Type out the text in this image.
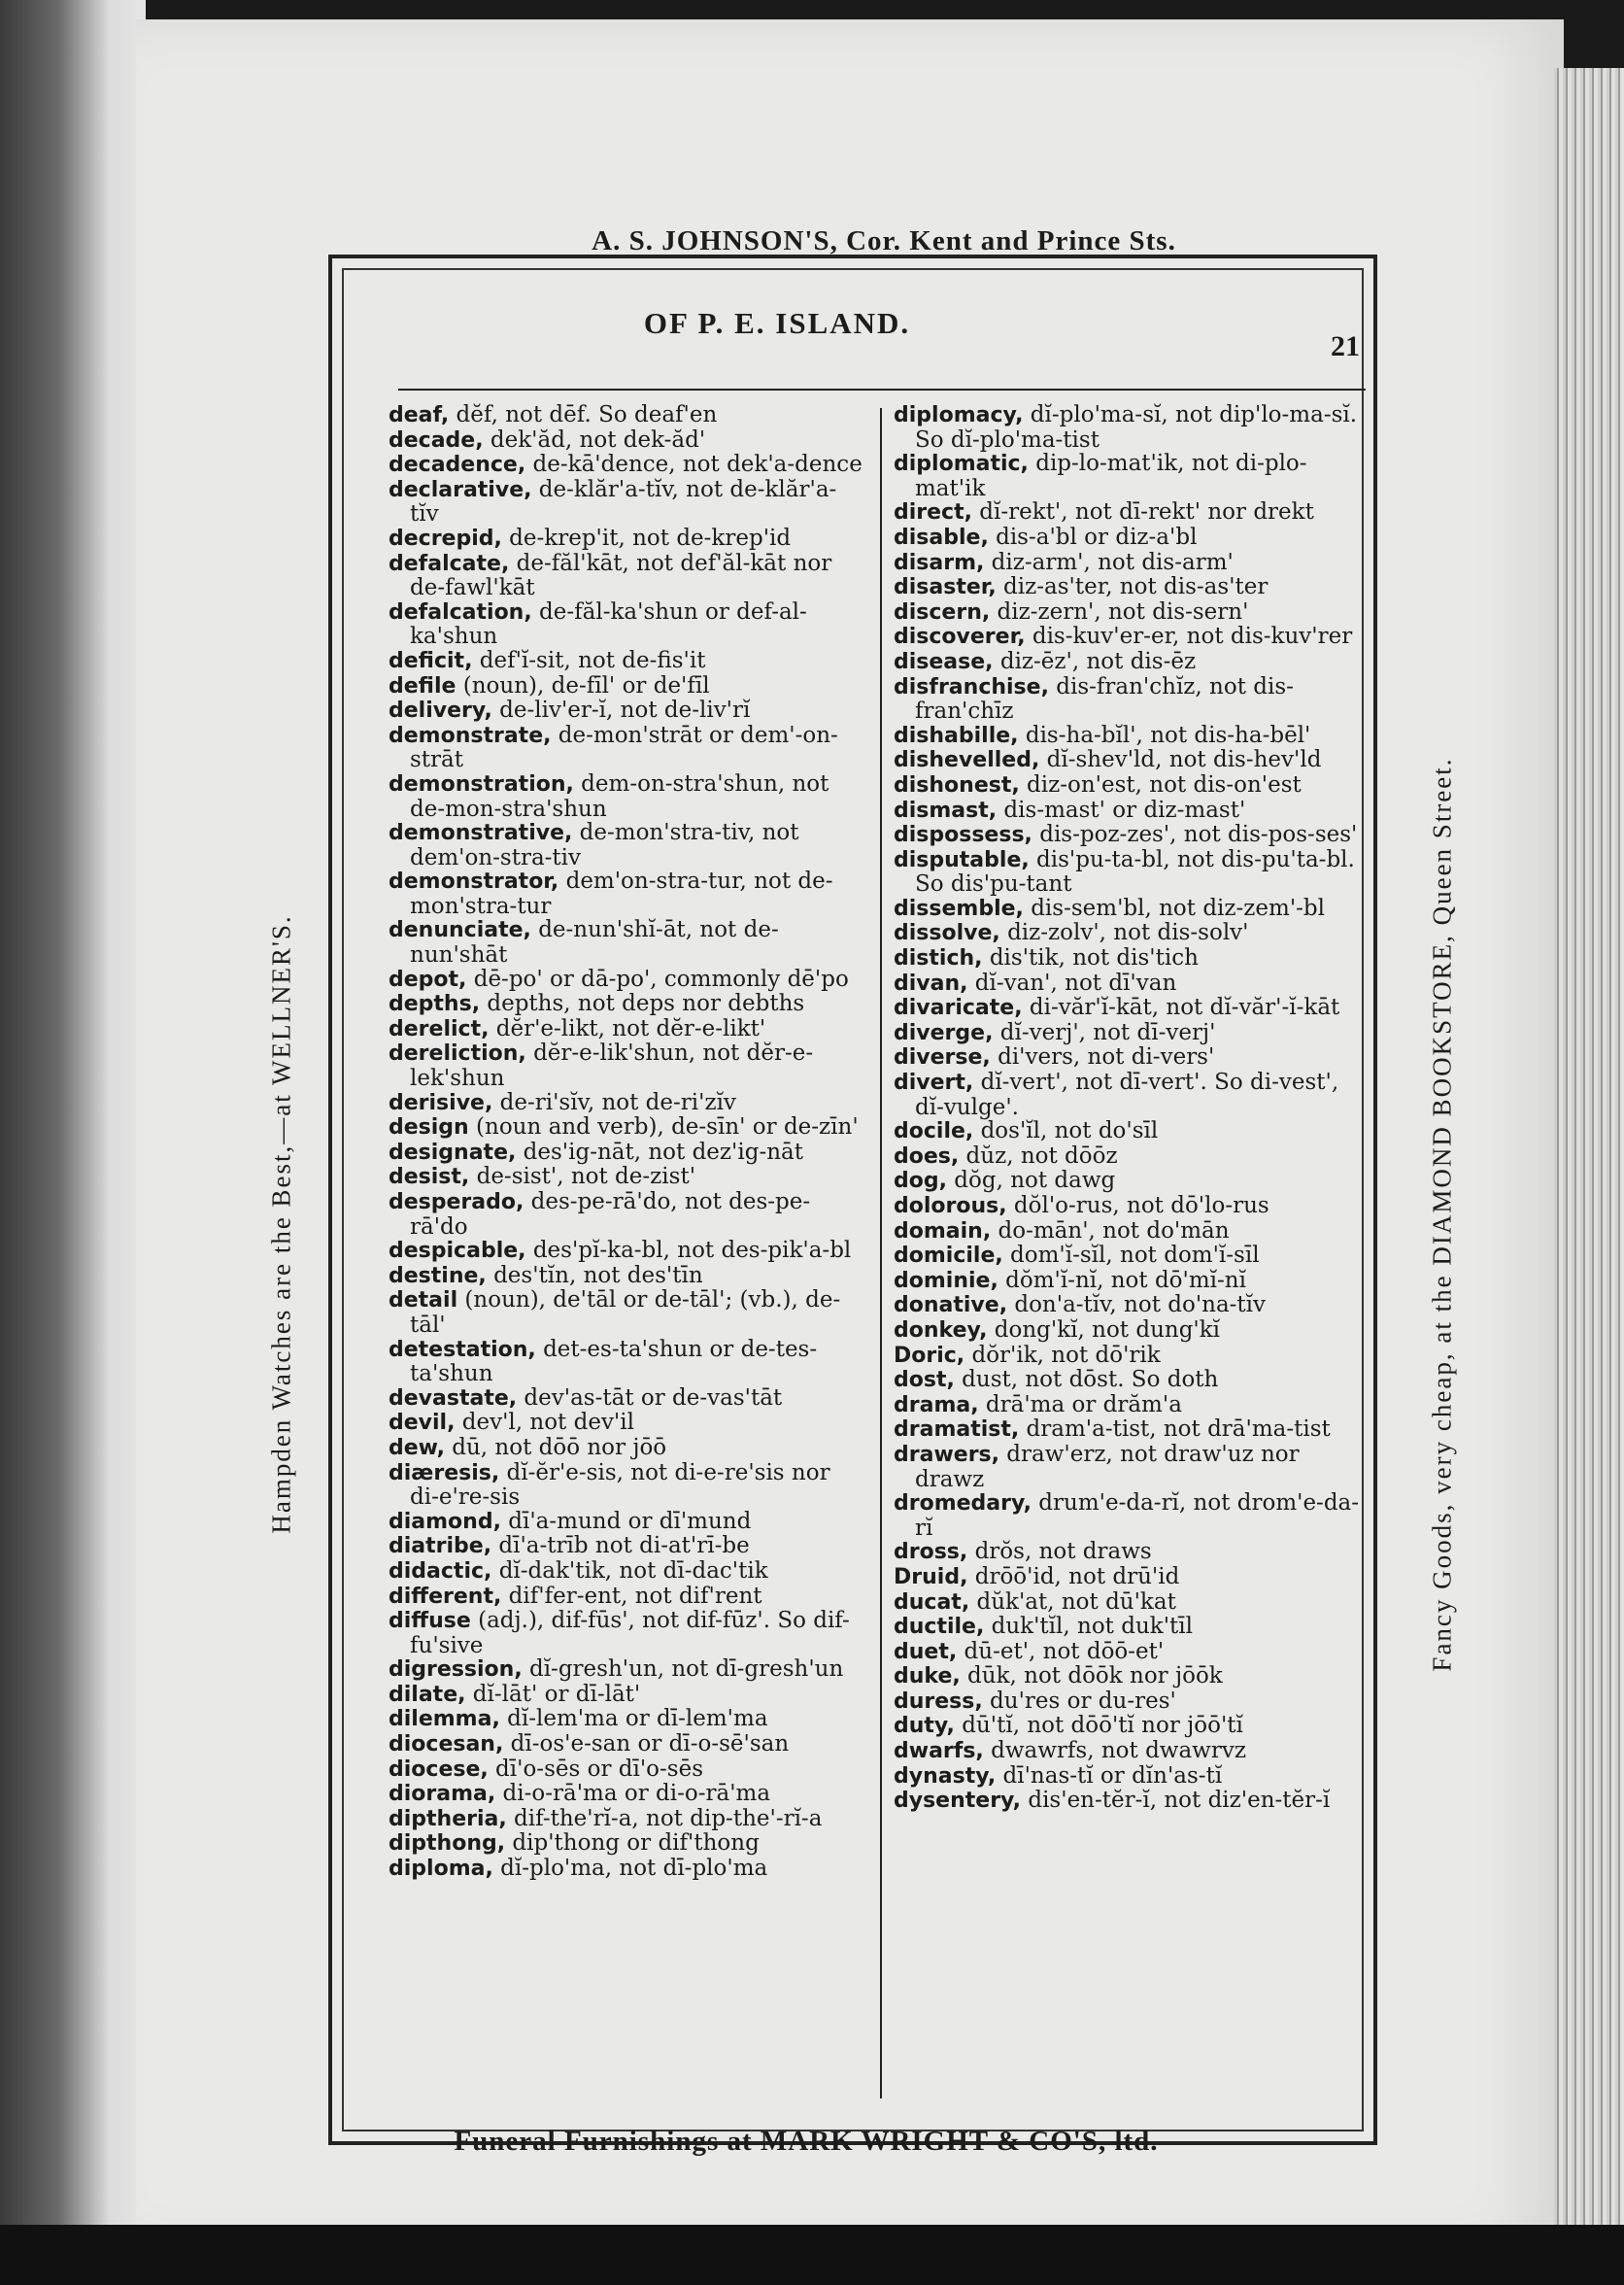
A. S. JOHNSON'S, Cor. Kent and Prince Sts.
Hampden Watches are the Best,—at WELLNER'S.	Fancy Goods, very cheap, at the DIAMOND BOOKSTORE, Queen Street.
OF P. E. ISLAND.
21

deaf, dĕf, not dēf. So deaf'en

decade, dek'ăd, not dek-ăd'

decadence, de-kā'dence, not dek'a-dence

declarative, de-klăr'a-tĭv, not de-klăr'a-tĭv

decrepid, de-krep'it, not de-krep'id

defalcate, de-făl'kāt, not def'ăl-kāt nor de-fawl'kāt

defalcation, de-făl-ka'shun or def-al-ka'shun

deficit, def'ĭ-sit, not de-fis'it

defile (noun), de-fīl' or de'fīl

delivery, de-liv'er-ĭ, not de-liv'rĭ

demonstrate, de-mon'strāt or dem'-on-strāt

demonstration, dem-on-stra'shun, not de-mon-stra'shun

demonstrative, de-mon'stra-tiv, not dem'on-stra-tiv

demonstrator, dem'on-stra-tur, not de-mon'stra-tur

denunciate, de-nun'shĭ-āt, not de-nun'shāt

depot, dē-po' or dā-po', commonly dē'po

depths, depths, not deps nor debths

derelict, dĕr'e-likt, not dĕr-e-likt'

dereliction, dĕr-e-lik'shun, not dĕr-e-lek'shun

derisive, de-ri'sĭv, not de-ri'zĭv

design (noun and verb), de-sīn' or de-zīn'

designate, des'ig-nāt, not dez'ig-nāt

desist, de-sist', not de-zist'

desperado, des-pe-rā'do, not des-pe-rā'do

despicable, des'pĭ-ka-bl, not des-pik'a-bl

destine, des'tĭn, not des'tīn

detail (noun), de'tāl or de-tāl'; (vb.), de-tāl'

detestation, det-es-ta'shun or de-tes-ta'shun

devastate, dev'as-tāt or de-vas'tāt

devil, dev'l, not dev'il

dew, dū, not dōō nor jōō

diæresis, dĭ-ĕr'e-sis, not di-e-re'sis nor di-e're-sis

diamond, dī'a-mund or dī'mund

diatribe, dī'a-trīb not di-at'rī-be

didactic, dĭ-dak'tik, not dī-dac'tik

different, dif'fer-ent, not dif'rent

diffuse (adj.), dif-fūs', not dif-fūz'. So dif-fu'sive

digression, dĭ-gresh'un, not dī-gresh'un

dilate, dĭ-lāt' or dī-lāt'

dilemma, dĭ-lem'ma or dī-lem'ma

diocesan, dī-os'e-san or dī-o-sē'san

diocese, dī'o-sēs or dī'o-sēs

diorama, di-o-rā'ma or di-o-rā'ma

diptheria, dif-the'rĭ-a, not dip-the'-rĭ-a

dipthong, dip'thong or dif'thong

diploma, dĭ-plo'ma, not dī-plo'ma

diplomacy, dĭ-plo'ma-sĭ, not dip'lo-ma-sĭ. So dĭ-plo'ma-tist

diplomatic, dip-lo-mat'ik, not di-plo-mat'ik

direct, dĭ-rekt', not dī-rekt' nor drekt

disable, dis-a'bl or diz-a'bl

disarm, diz-arm', not dis-arm'

disaster, diz-as'ter, not dis-as'ter

discern, diz-zern', not dis-sern'

discoverer, dis-kuv'er-er, not dis-kuv'rer

disease, diz-ēz', not dis-ēz

disfranchise, dis-fran'chĭz, not dis-fran'chīz

dishabille, dis-ha-bĭl', not dis-ha-bēl'

dishevelled, dĭ-shev'ld, not dis-hev'ld

dishonest, diz-on'est, not dis-on'est

dismast, dis-mast' or diz-mast'

dispossess, dis-poz-zes', not dis-pos-ses'

disputable, dis'pu-ta-bl, not dis-pu'ta-bl. So dis'pu-tant

dissemble, dis-sem'bl, not diz-zem'-bl

dissolve, diz-zolv', not dis-solv'

distich, dis'tik, not dis'tich

divan, dĭ-van', not dī'van

divaricate, di-văr'ĭ-kāt, not dĭ-văr'-ĭ-kāt

diverge, dĭ-verj', not dī-verj'

diverse, di'vers, not di-vers'

divert, dĭ-vert', not dī-vert'. So di-vest', dĭ-vulge'.

docile, dos'ĭl, not do'sīl

does, dŭz, not dōōz

dog, dŏg, not dawg

dolorous, dŏl'o-rus, not dō'lo-rus

domain, do-mān', not do'mān

domicile, dom'ĭ-sĭl, not dom'ĭ-sīl

dominie, dŏm'ĭ-nĭ, not dō'mĭ-nĭ

donative, don'a-tĭv, not do'na-tĭv

donkey, dong'kĭ, not dung'kĭ

Doric, dŏr'ik, not dō'rik

dost, dust, not dōst. So doth

drama, drā'ma or drăm'a

dramatist, dram'a-tist, not drā'ma-tist

drawers, draw'erz, not draw'uz nor drawz

dromedary, drum'e-da-rĭ, not drom'e-da-rĭ

dross, drŏs, not draws

Druid, drōō'id, not drū'id

ducat, dŭk'at, not dū'kat

ductile, duk'tĭl, not duk'tīl

duet, dū-et', not dōō-et'

duke, dūk, not dōōk nor jōōk

duress, du'res or du-res'

duty, dū'tĭ, not dōō'tĭ nor jōō'tĭ

dwarfs, dwawrfs, not dwawrvz

dynasty, dī'nas-tĭ or dĭn'as-tĭ

dysentery, dis'en-tĕr-ĭ, not diz'en-tĕr-ĭ

Funeral Furnishings at MARK WRIGHT & CO'S, ltd.
